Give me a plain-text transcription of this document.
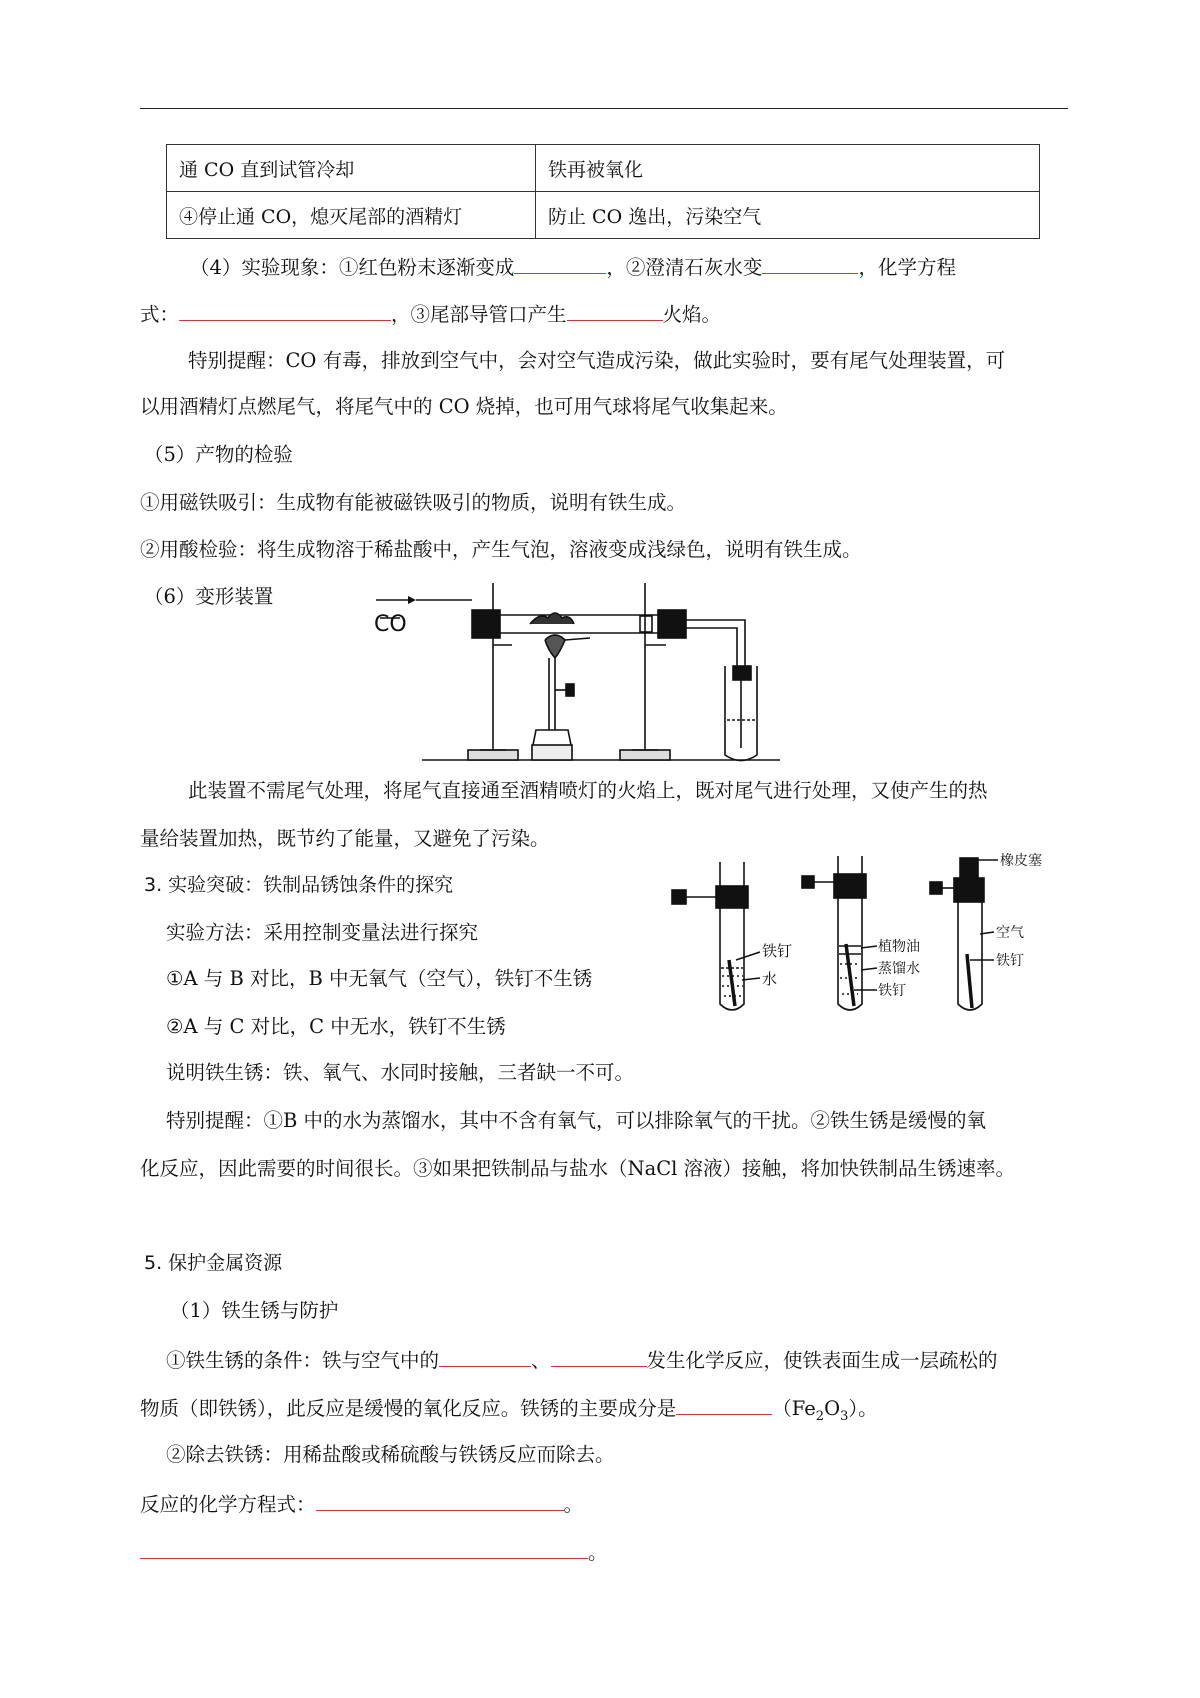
通 CO 直到试管冷却	铁再被氧化
④停止通 CO，熄灭尾部的酒精灯	防止 CO 逸出，污染空气
（4）实验现象：①红色粉末逐渐变成	，②澄清石灰水变	，化学方程
式：	，③尾部导管口产生	火焰。
特别提醒：CO 有毒，排放到空气中，会对空气造成污染，做此实验时，要有尾气处理装置，可
以用酒精灯点燃尾气，将尾气中的 CO 烧掉，也可用气球将尾气收集起来。
（5）产物的检验
①用磁铁吸引：生成物有能被磁铁吸引的物质，说明有铁生成。
②用酸检验：将生成物溶于稀盐酸中，产生气泡，溶液变成浅绿色，说明有铁生成。
（6）变形装置
CO
此装置不需尾气处理，将尾气直接通至酒精喷灯的火焰上，既对尾气进行处理，又使产生的热
量给装置加热，既节约了能量，又避免了污染。
3. 实验突破：铁制品锈蚀条件的探究
实验方法：采用控制变量法进行探究
①A 与 B 对比，B 中无氧气（空气），铁钉不生锈
②A 与 C 对比，C 中无水，铁钉不生锈
说明铁生锈：铁、氧气、水同时接触，三者缺一不可。
铁钉
水
植物油
蒸馏水
铁钉
橡皮塞
空气
铁钉
特别提醒：①B 中的水为蒸馏水，其中不含有氧气，可以排除氧气的干扰。②铁生锈是缓慢的氧
化反应，因此需要的时间很长。③如果把铁制品与盐水（NaCl 溶液）接触，将加快铁制品生锈速率。
5. 保护金属资源
（1）铁生锈与防护
①铁生锈的条件：铁与空气中的	、	发生化学反应，使铁表面生成一层疏松的
物质（即铁锈），此反应是缓慢的氧化反应。铁锈的主要成分是	$(Fe_2O_3)$。
②除去铁锈：用稀盐酸或稀硫酸与铁锈反应而除去。
反应的化学方程式：	。
。
